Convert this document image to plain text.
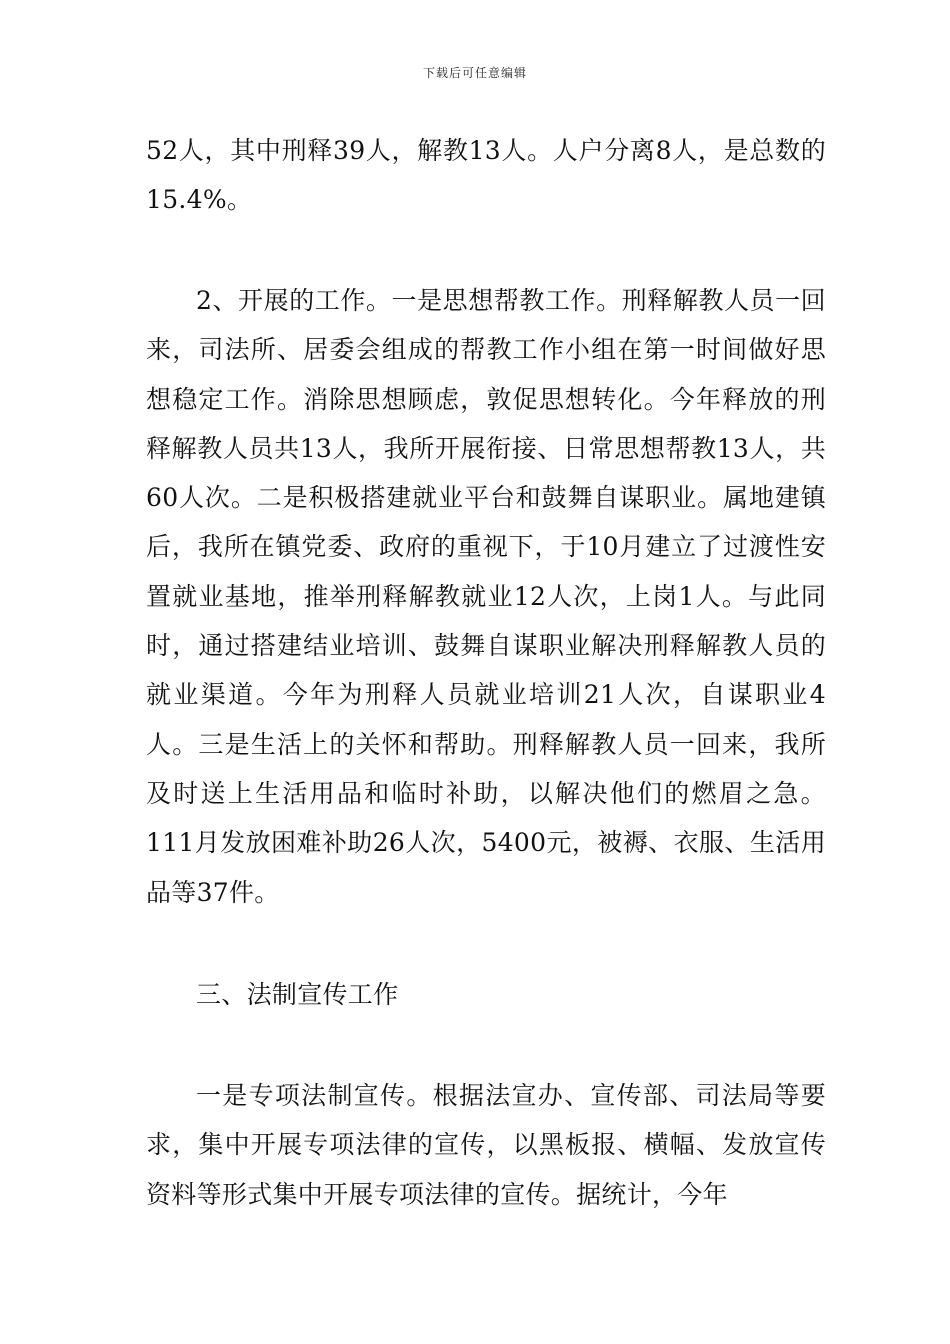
下载后可任意编辑

52人，其中刑释39人，解教13人。人户分离8人，是总数的15.4%。

2、开展的工作。一是思想帮教工作。刑释解教人员一回来，司法所、居委会组成的帮教工作小组在第一时间做好思想稳定工作。消除思想顾虑，敦促思想转化。今年释放的刑释解教人员共13人，我所开展衔接、日常思想帮教13人，共60人次。二是积极搭建就业平台和鼓舞自谋职业。属地建镇后，我所在镇党委、政府的重视下，于10月建立了过渡性安置就业基地，推举刑释解教就业12人次，上岗1人。与此同时，通过搭建结业培训、鼓舞自谋职业解决刑释解教人员的就业渠道。今年为刑释人员就业培训21人次，自谋职业4人。三是生活上的关怀和帮助。刑释解教人员一回来，我所及时送上生活用品和临时补助，以解决他们的燃眉之急。111月发放困难补助26人次，5400元，被褥、衣服、生活用品等37件。

三、法制宣传工作

一是专项法制宣传。根据法宣办、宣传部、司法局等要求，集中开展专项法律的宣传，以黑板报、横幅、发放宣传资料等形式集中开展专项法律的宣传。据统计，今年
